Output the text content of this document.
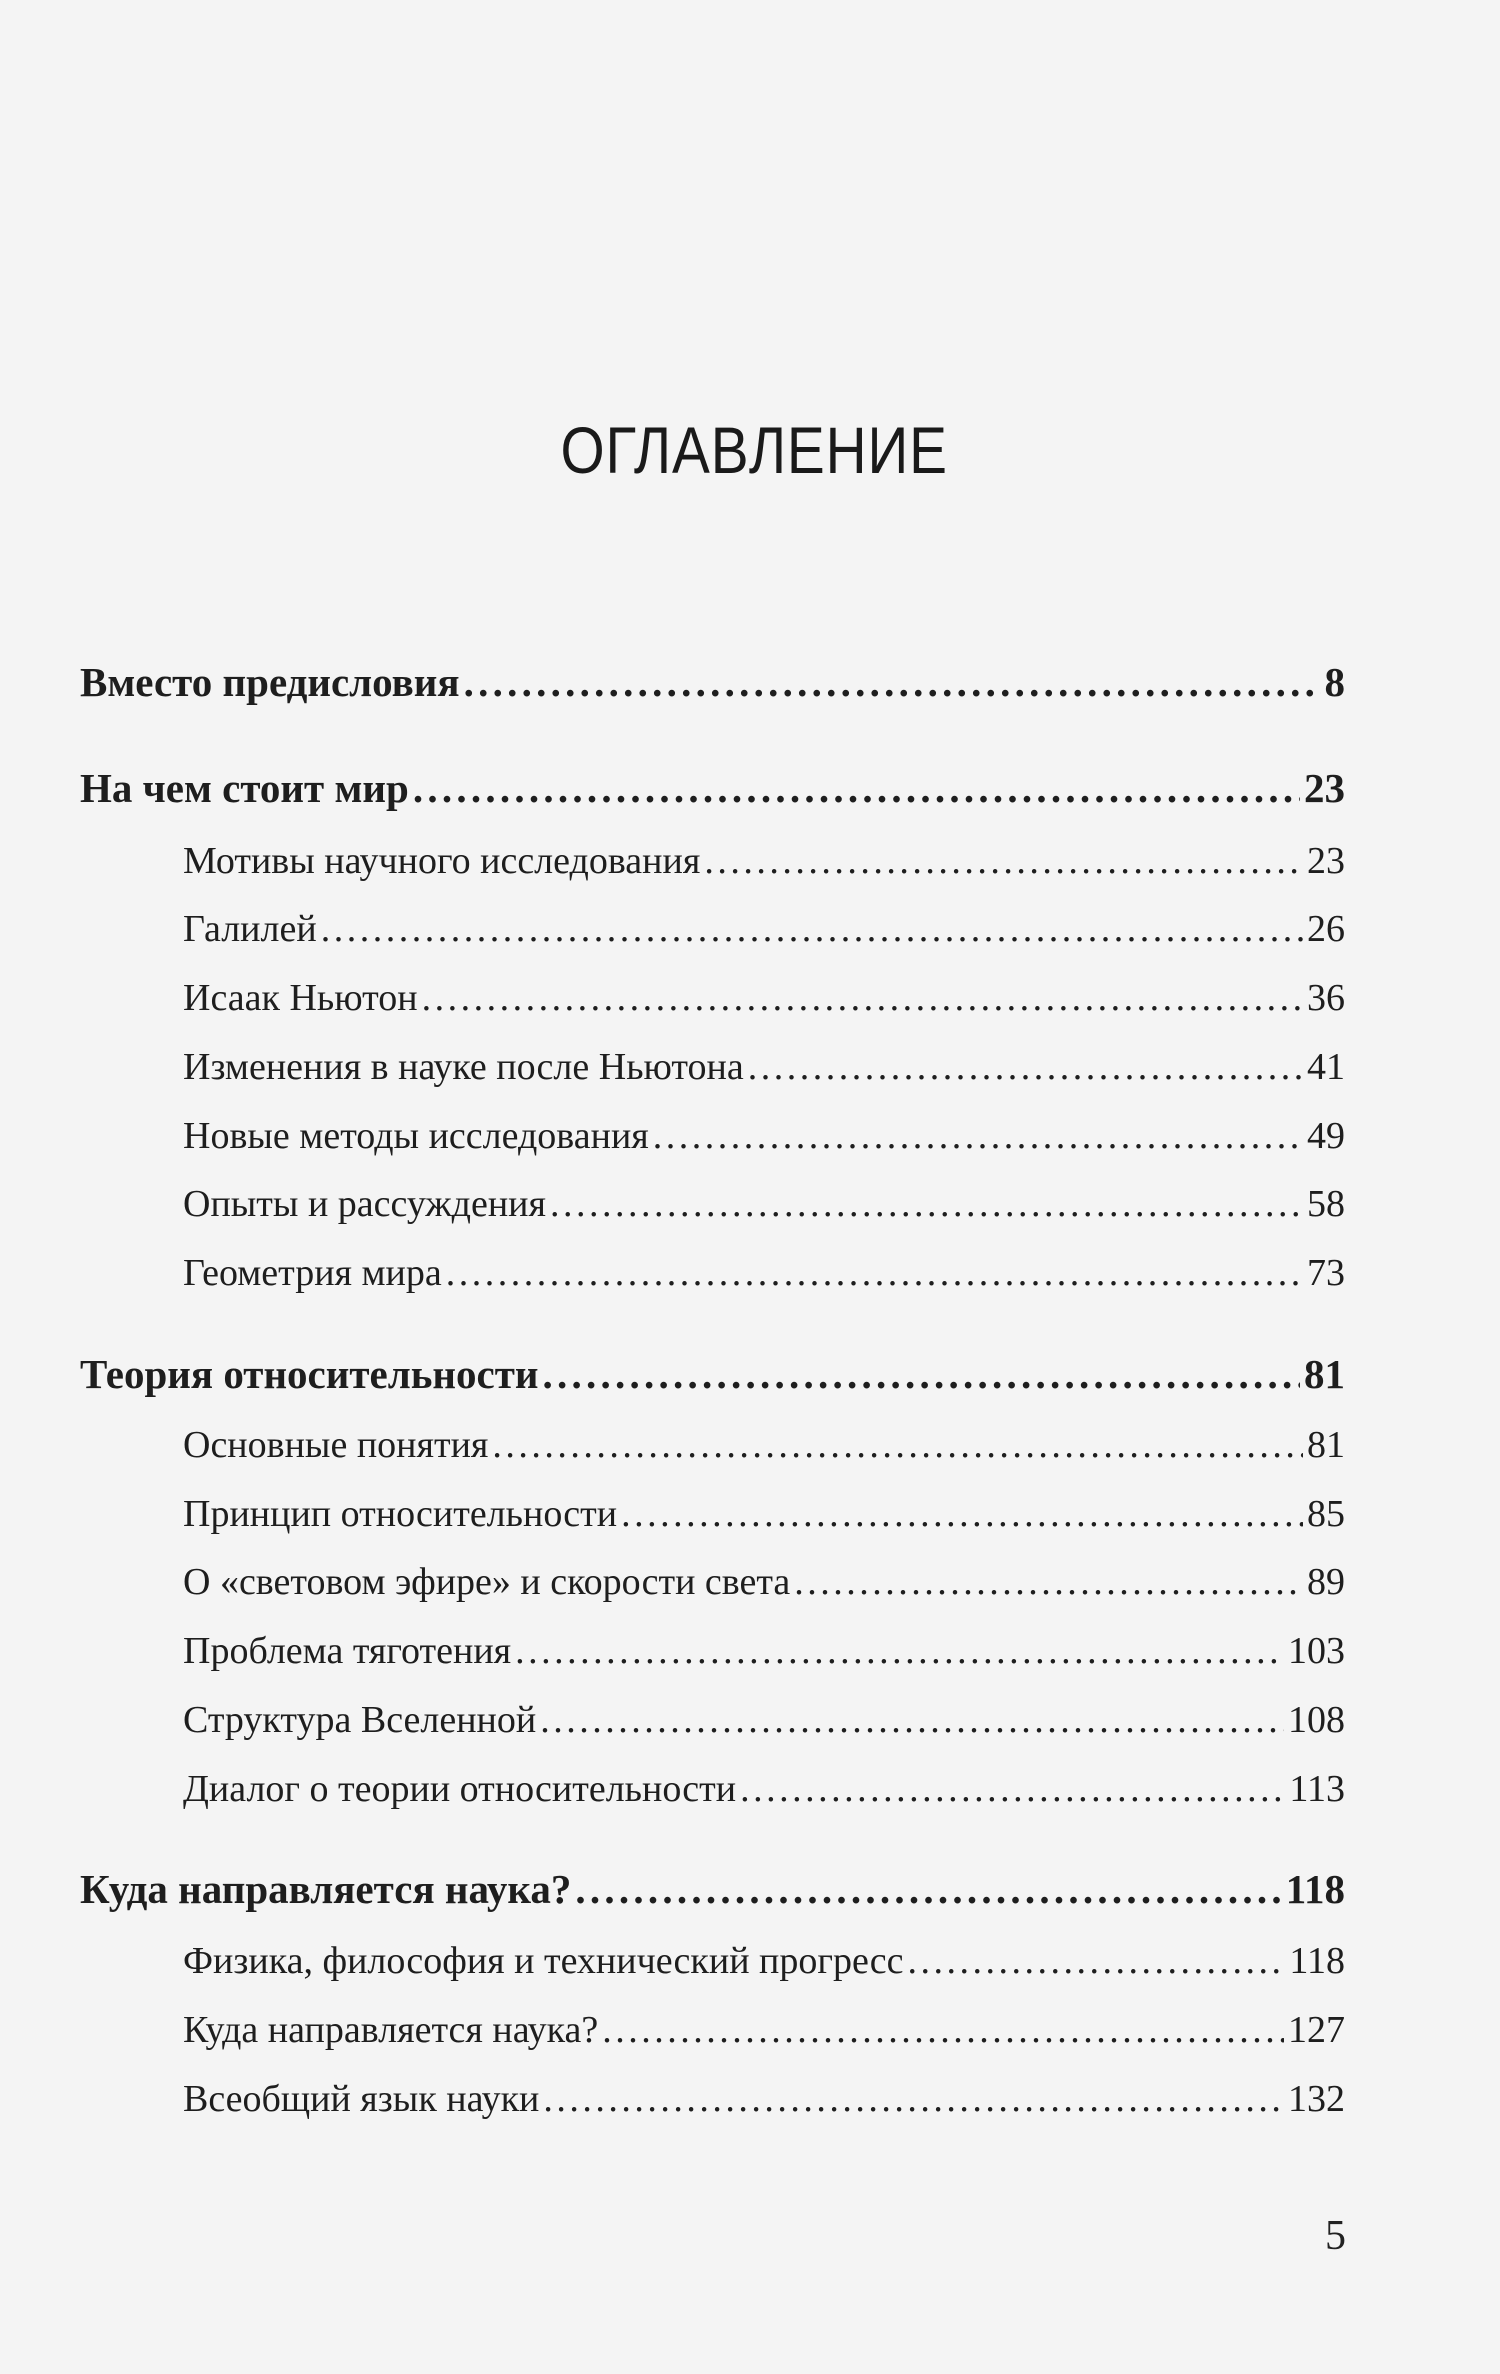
ОГЛАВЛЕНИЕ
Вместо предисловия . . .	8
На чем стоит мир . . .	23
Мотивы научного исследования . . .	23
Галилей . . .	26
Исаак Ньютон . . .	36
Изменения в науке после Ньютона . . .	41
Новые методы исследования . . .	49
Опыты и рассуждения . . .	58
Геометрия мира . . .	73
Теория относительности . . .	81
Основные понятия . . .	81
Принцип относительности . . .	85
О «световом эфире» и скорости света . . .	89
Проблема тяготения . . .	103
Структура Вселенной . . .	108
Диалог о теории относительности . . .	113
Куда направляется наука? . . .	118
Физика, философия и технический прогресс . . .	118
Куда направляется наука? . . .	127
Всеобщий язык науки . . .	132
5
